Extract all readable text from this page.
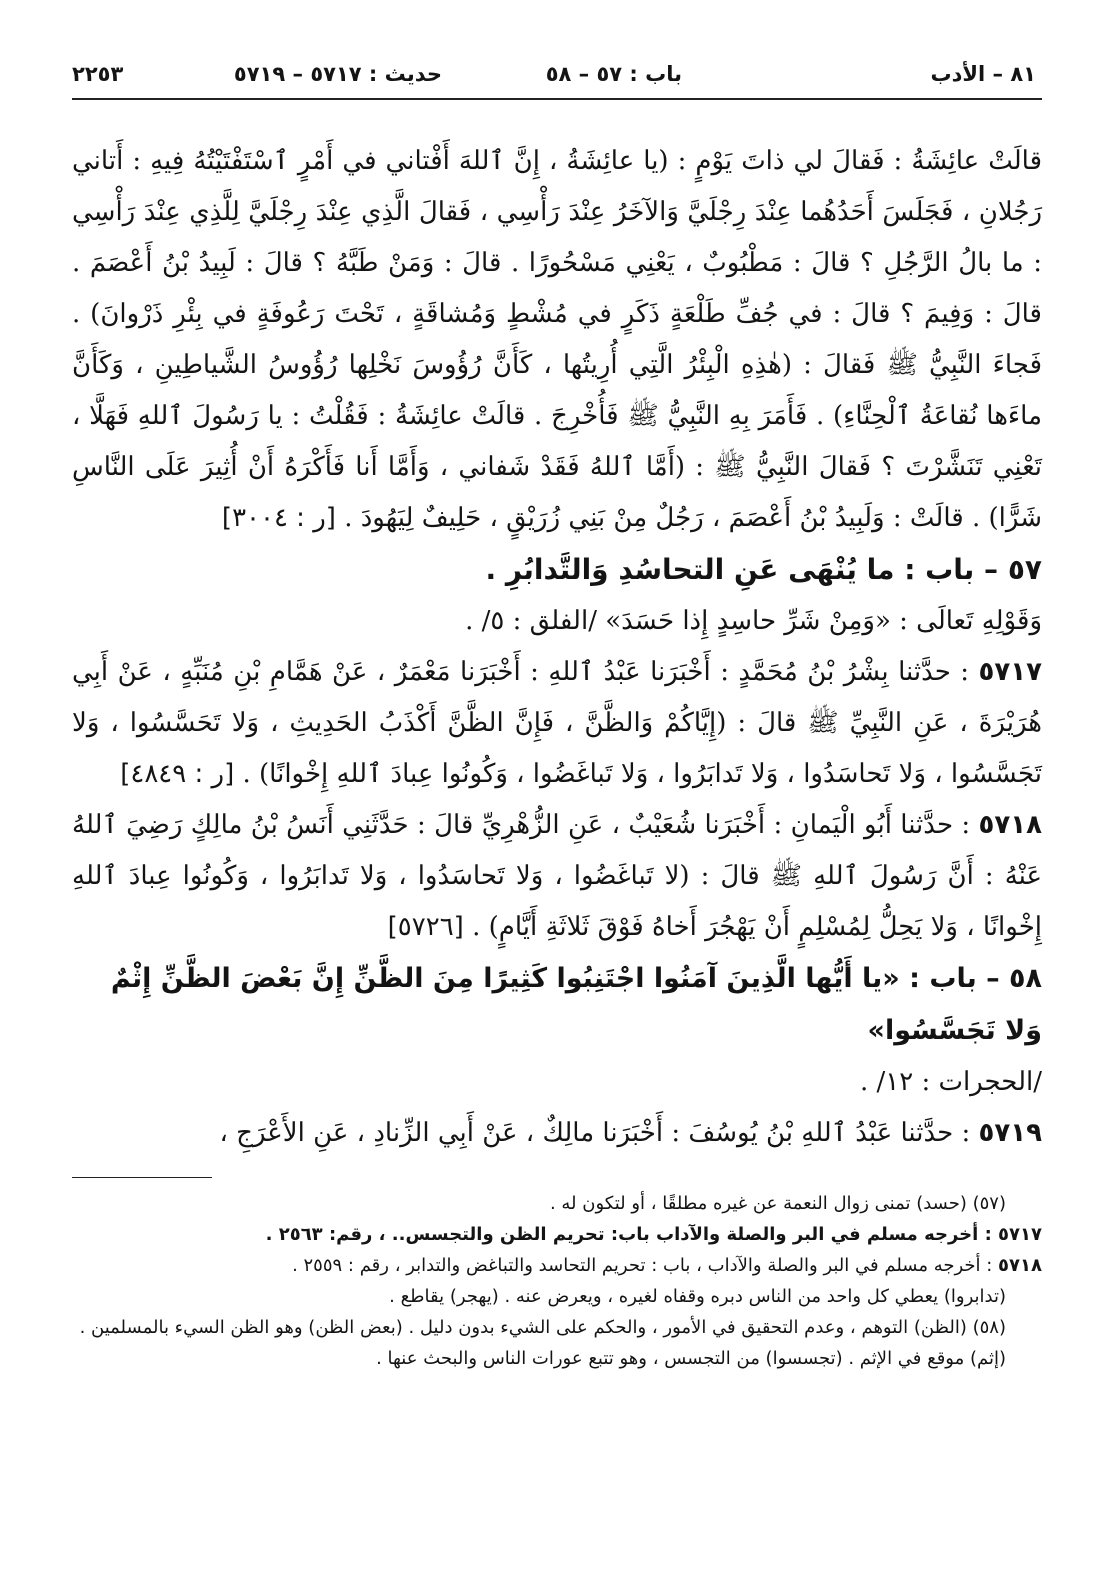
٨١ – الأدب
باب : ٥٧ – ٥٨
حديث : ٥٧١٧ – ٥٧١٩
٢٢٥٣

قالَتْ عائِشَةُ : فَقالَ لي ذاتَ يَوْمٍ : (يا عائِشَةُ ، إِنَّ ٱللهَ أَفْتاني في أَمْرٍ ٱسْتَفْتَيْتُهُ فِيهِ : أَتاني رَجُلانِ ، فَجَلَسَ أَحَدُهُما عِنْدَ رِجْلَيَّ وَالآخَرُ عِنْدَ رَأْسِي ، فَقالَ الَّذِي عِنْدَ رِجْلَيَّ لِلَّذِي عِنْدَ رَأْسِي : ما بالُ الرَّجُلِ ؟ قالَ : مَطْبُوبٌ ، يَعْنِي مَسْحُورًا . قالَ : وَمَنْ طَبَّهُ ؟ قالَ : لَبِيدُ بْنُ أَعْصَمَ . قالَ : وَفِيمَ ؟ قالَ : في جُفِّ طَلْعَةٍ ذَكَرٍ في مُشْطٍ وَمُشاقَةٍ ، تَحْتَ رَعُوفَةٍ في بِئْرِ ذَرْوانَ) . فَجاءَ النَّبِيُّ ﷺ فَقالَ : (هٰذِهِ الْبِئْرُ الَّتِي أُرِيتُها ، كَأَنَّ رُؤُوسَ نَخْلِها رُؤُوسُ الشَّياطِينِ ، وَكَأَنَّ ماءَها نُقاعَةُ ٱلْحِنَّاءِ) . فَأَمَرَ بِهِ النَّبِيُّ ﷺ فَأُخْرِجَ . قالَتْ عائِشَةُ : فَقُلْتُ : يا رَسُولَ ٱللهِ فَهَلَّا ، تَعْنِي تَنَشَّرْتَ ؟ فَقالَ النَّبِيُّ ﷺ : (أَمَّا ٱللهُ فَقَدْ شَفاني ، وَأَمَّا أَنا فَأَكْرَهُ أَنْ أُثِيرَ عَلَى النَّاسِ شَرًّا) . قالَتْ : وَلَبِيدُ بْنُ أَعْصَمَ ، رَجُلٌ مِنْ بَنِي زُرَيْقٍ ، حَلِيفٌ لِيَهُودَ . [ر : ٣٠٠٤]

٥٧ – باب : ما يُنْهَى عَنِ التحاسُدِ وَالتَّدابُرِ .

وَقَوْلِهِ تَعالَى : «وَمِنْ شَرِّ حاسِدٍ إِذا حَسَدَ» /الفلق : ٥/ .

٥٧١٧ : حدَّثنا بِشْرُ بْنُ مُحَمَّدٍ : أَخْبَرَنا عَبْدُ ٱللهِ : أَخْبَرَنا مَعْمَرٌ ، عَنْ هَمَّامِ بْنِ مُنَبِّهٍ ، عَنْ أَبِي هُرَيْرَةَ ، عَنِ النَّبِيِّ ﷺ قالَ : (إِيَّاكُمْ وَالظَّنَّ ، فَإِنَّ الظَّنَّ أَكْذَبُ الحَدِيثِ ، وَلا تَحَسَّسُوا ، وَلا تَجَسَّسُوا ، وَلا تَحاسَدُوا ، وَلا تَدابَرُوا ، وَلا تَباغَضُوا ، وَكُونُوا عِبادَ ٱللهِ إِخْوانًا) . [ر : ٤٨٤٩]

٥٧١٨ : حدَّثنا أَبُو الْيَمانِ : أَخْبَرَنا شُعَيْبٌ ، عَنِ الزُّهْرِيِّ قالَ : حَدَّثَنِي أَنَسُ بْنُ مالِكٍ رَضِيَ ٱللهُ عَنْهُ : أَنَّ رَسُولَ ٱللهِ ﷺ قالَ : (لا تَباغَضُوا ، وَلا تَحاسَدُوا ، وَلا تَدابَرُوا ، وَكُونُوا عِبادَ ٱللهِ إِخْوانًا ، وَلا يَحِلُّ لِمُسْلِمٍ أَنْ يَهْجُرَ أَخاهُ فَوْقَ ثَلاثَةِ أَيَّامٍ) . [٥٧٢٦]

٥٨ – باب : «يا أَيُّها الَّذِينَ آمَنُوا اجْتَنِبُوا كَثِيرًا مِنَ الظَّنِّ إِنَّ بَعْضَ الظَّنِّ إِثْمٌ وَلا تَجَسَّسُوا»

/الحجرات : ١٢/ .

٥٧١٩ : حدَّثنا عَبْدُ ٱللهِ بْنُ يُوسُفَ : أَخْبَرَنا مالِكٌ ، عَنْ أَبِي الزِّنادِ ، عَنِ الأَعْرَجِ ،

(٥٧) (حسد) تمنى زوال النعمة عن غيره مطلقًا ، أو لتكون له .

٥٧١٧ : أخرجه مسلم في البر والصلة والآداب باب: تحريم الظن والتجسس.. ، رقم: ٢٥٦٣ .

٥٧١٨ : أخرجه مسلم في البر والصلة والآداب ، باب : تحريم التحاسد والتباغض والتدابر ، رقم : ٢٥٥٩ .

(تدابروا) يعطي كل واحد من الناس دبره وقفاه لغيره ، ويعرض عنه . (يهجر) يقاطع .

(٥٨) (الظن) التوهم ، وعدم التحقيق في الأمور ، والحكم على الشيء بدون دليل . (بعض الظن) وهو الظن السيء بالمسلمين . (إثم) موقع في الإثم . (تجسسوا) من التجسس ، وهو تتبع عورات الناس والبحث عنها .
